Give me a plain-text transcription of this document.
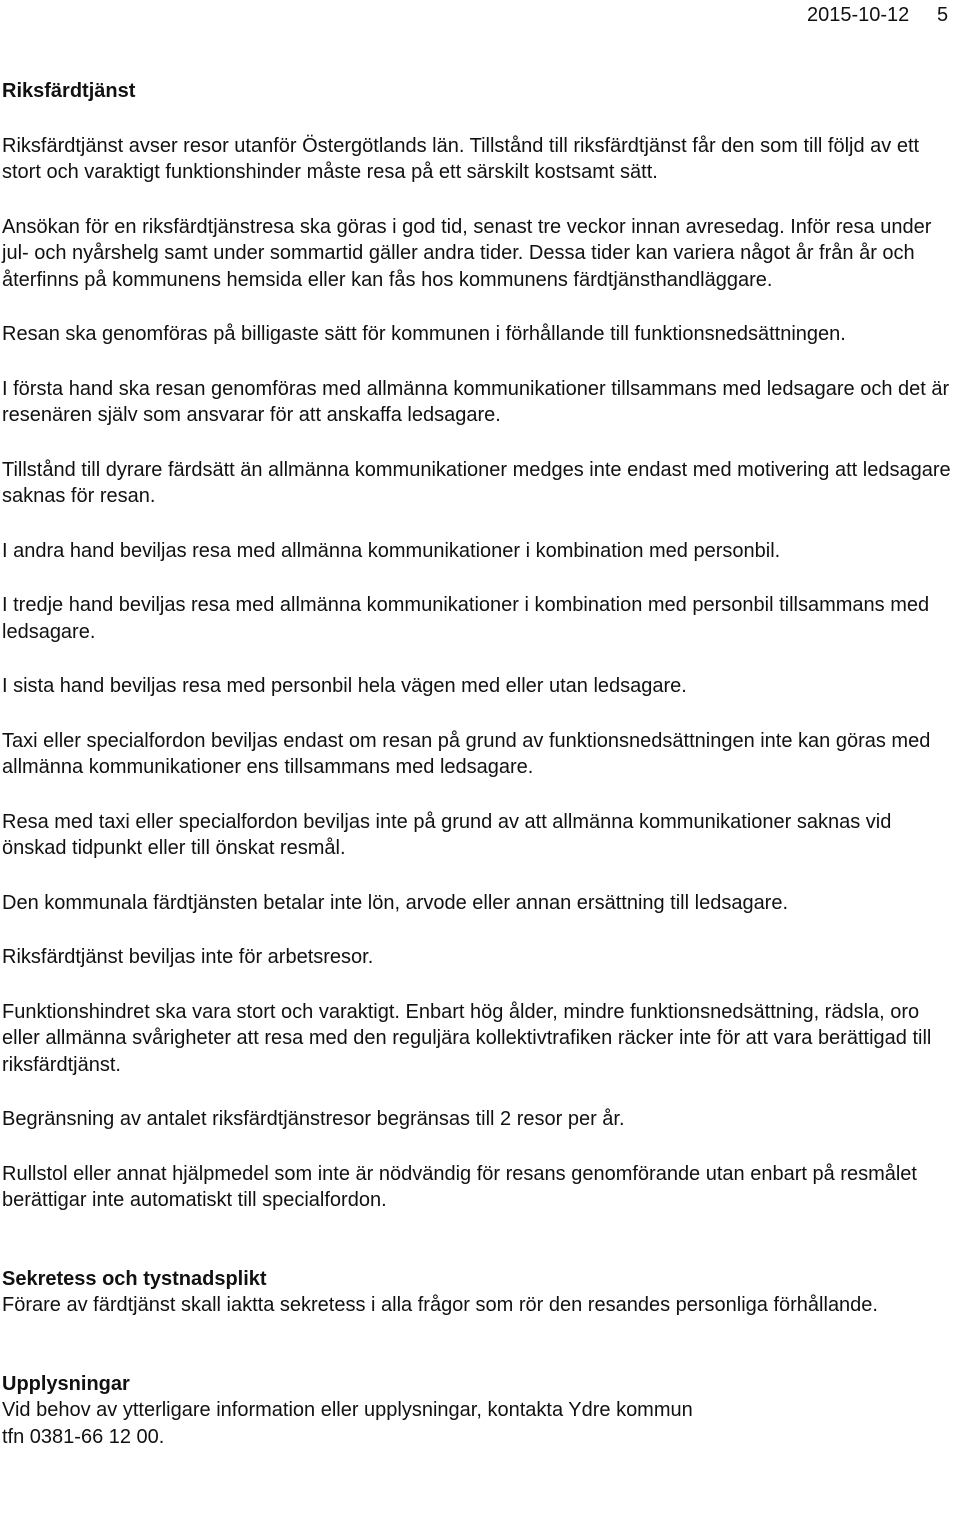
2015-10-12 5

Riksfärdtjänst

Riksfärdtjänst avser resor utanför Östergötlands län. Tillstånd till riksfärdtjänst får den som till följd av ett stort och varaktigt funktionshinder måste resa på ett särskilt kostsamt sätt.

Ansökan för en riksfärdtjänstresa ska göras i god tid, senast tre veckor innan avresedag. Inför resa under jul- och nyårshelg samt under sommartid gäller andra tider. Dessa tider kan variera något år från år och återfinns på kommunens hemsida eller kan fås hos kommunens färdtjänsthandläggare.

Resan ska genomföras på billigaste sätt för kommunen i förhållande till funktionsnedsättningen.

I första hand ska resan genomföras med allmänna kommunikationer tillsammans med ledsagare och det är resenären själv som ansvarar för att anskaffa ledsagare.

Tillstånd till dyrare färdsätt än allmänna kommunikationer medges inte endast med motivering att ledsagare saknas för resan.

I andra hand beviljas resa med allmänna kommunikationer i kombination med personbil.

I tredje hand beviljas resa med allmänna kommunikationer i kombination med personbil tillsammans med ledsagare.

I sista hand beviljas resa med personbil hela vägen med eller utan ledsagare.

Taxi eller specialfordon beviljas endast om resan på grund av funktionsnedsättningen inte kan göras med allmänna kommunikationer ens tillsammans med ledsagare.

Resa med taxi eller specialfordon beviljas inte på grund av att allmänna kommunikationer saknas vid önskad tidpunkt eller till önskat resmål.

Den kommunala färdtjänsten betalar inte lön, arvode eller annan ersättning till ledsagare.

Riksfärdtjänst beviljas inte för arbetsresor.

Funktionshindret ska vara stort och varaktigt. Enbart hög ålder, mindre funktionsnedsättning, rädsla, oro eller allmänna svårigheter att resa med den reguljära kollektivtrafiken räcker inte för att vara berättigad till riksfärdtjänst.

Begränsning av antalet riksfärdtjänstresor begränsas till 2 resor per år.

Rullstol eller annat hjälpmedel som inte är nödvändig för resans genomförande utan enbart på resmålet berättigar inte automatiskt till specialfordon.

Sekretess och tystnadsplikt

Förare av färdtjänst skall iaktta sekretess i alla frågor som rör den resandes personliga förhållande.

Upplysningar

Vid behov av ytterligare information eller upplysningar, kontakta Ydre kommun

tfn 0381-66 12 00.
